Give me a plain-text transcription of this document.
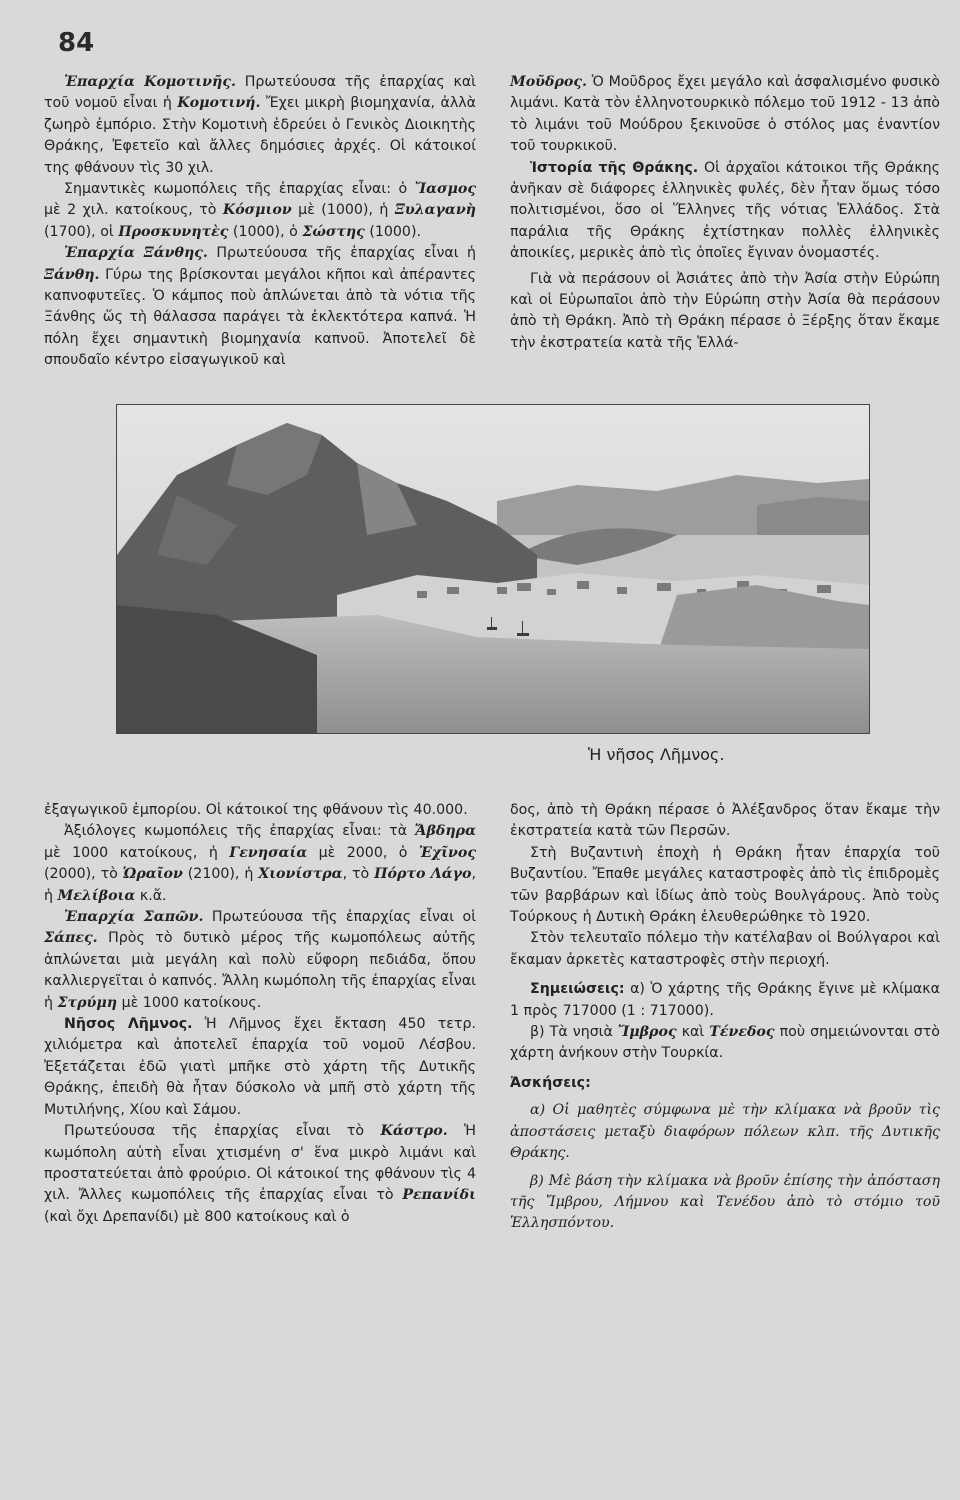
84

Ἐπαρχία Κομοτινῆς. Πρωτεύουσα τῆς ἐπαρχίας καὶ τοῦ νομοῦ εἶναι ἡ Κομοτινή. Ἔχει μικρὴ βιομηχανία, ἀλλὰ ζωηρὸ ἐμπόριο. Στὴν Κομοτινὴ ἑδρεύει ὁ Γενικὸς Διοικητὴς Θράκης, Ἐφετεῖο καὶ ἄλλες δημόσιες ἀρχές. Οἱ κάτοικοί της φθάνουν τὶς 30 χιλ.

Σημαντικὲς κωμοπόλεις τῆς ἐπαρχίας εἶναι: ὁ Ἴασμος μὲ 2 χιλ. κατοίκους, τὸ Κόσμιον μὲ (1000), ἡ Ξυλαγανὴ (1700), οἱ Προσκυνητὲς (1000), ὁ Σώστης (1000).

Ἐπαρχία Ξάνθης. Πρωτεύουσα τῆς ἐπαρχίας εἶναι ἡ Ξάνθη. Γύρω της βρίσκονται μεγάλοι κῆποι καὶ ἀπέραντες καπνοφυτεῖες. Ὁ κάμπος ποὺ ἁπλώνεται ἀπὸ τὰ νότια τῆς Ξάνθης ὥς τὴ θάλασσα παράγει τὰ ἐκλεκτότερα καπνά. Ἡ πόλη ἔχει σημαντικὴ βιομηχανία καπνοῦ. Ἀποτελεῖ δὲ σπουδαῖο κέντρο εἰσαγωγικοῦ καὶ

Μοῦδρος. Ὁ Μοῦδρος ἔχει μεγάλο καὶ ἀσφαλισμένο φυσικὸ λιμάνι. Κατὰ τὸν ἑλληνοτουρκικὸ πόλεμο τοῦ 1912 - 13 ἀπὸ τὸ λιμάνι τοῦ Μούδρου ξεκινοῦσε ὁ στόλος μας ἐναντίον τοῦ τουρκικοῦ.

Ἱστορία τῆς Θράκης. Οἱ ἀρχαῖοι κάτοικοι τῆς Θράκης ἀνῆκαν σὲ διάφορες ἑλληνικὲς φυλές, δὲν ἦταν ὅμως τόσο πολιτισμένοι, ὅσο οἱ Ἕλληνες τῆς νότιας Ἑλλάδος. Στὰ παράλια τῆς Θράκης ἐχτίστηκαν πολλὲς ἑλληνικὲς ἀποικίες, μερικὲς ἀπὸ τὶς ὁποῖες ἔγιναν ὀνομαστές.

Γιὰ νὰ περάσουν οἱ Ἀσιάτες ἀπὸ τὴν Ἀσία στὴν Εὐρώπη καὶ οἱ Εὐρωπαῖοι ἀπὸ τὴν Εὐρώπη στὴν Ἀσία θὰ περάσουν ἀπὸ τὴ Θράκη. Ἀπὸ τὴ Θράκη πέρασε ὁ Ξέρξης ὅταν ἔκαμε τὴν ἐκστρατεία κατὰ τῆς Ἑλλά-

Ἡ νῆσος Λῆμνος.

ἐξαγωγικοῦ ἐμπορίου. Οἱ κάτοικοί της φθάνουν τὶς 40.000.

Ἀξιόλογες κωμοπόλεις τῆς ἐπαρχίας εἶναι: τὰ Ἄβδηρα μὲ 1000 κατοίκους, ἡ Γενησαία μὲ 2000, ὁ Ἐχῖνος (2000), τὸ Ὡραῖον (2100), ἡ Χιονίστρα, τὸ Πόρτο Λάγο, ἡ Μελίβοια κ.ἄ.

Ἐπαρχία Σαπῶν. Πρωτεύουσα τῆς ἐπαρχίας εἶναι οἱ Σάπες. Πρὸς τὸ δυτικὸ μέρος τῆς κωμοπόλεως αὐτῆς ἁπλώνεται μιὰ μεγάλη καὶ πολὺ εὔφορη πεδιάδα, ὅπου καλλιεργεῖται ὁ καπνός. Ἄλλη κωμόπολη τῆς ἐπαρχίας εἶναι ἡ Στρύμη μὲ 1000 κατοίκους.

Νῆσος Λῆμνος. Ἡ Λῆμνος ἔχει ἔκταση 450 τετρ. χιλιόμετρα καὶ ἀποτελεῖ ἐπαρχία τοῦ νομοῦ Λέσβου. Ἐξετάζεται ἐδῶ γιατὶ μπῆκε στὸ χάρτη τῆς Δυτικῆς Θράκης, ἐπειδὴ θὰ ἦταν δύσκολο νὰ μπῆ στὸ χάρτη τῆς Μυτιλήνης, Χίου καὶ Σάμου.

Πρωτεύουσα τῆς ἐπαρχίας εἶναι τὸ Κάστρο. Ἡ κωμόπολη αὐτὴ εἶναι χτισμένη σ' ἕνα μικρὸ λιμάνι καὶ προστατεύεται ἀπὸ φρούριο. Οἱ κάτοικοί της φθάνουν τὶς 4 χιλ. Ἄλλες κωμοπόλεις τῆς ἐπαρχίας εἶναι τὸ Ρεπανίδι (καὶ ὄχι Δρεπανίδι) μὲ 800 κατοίκους καὶ ὁ

δος, ἀπὸ τὴ Θράκη πέρασε ὁ Ἀλέξανδρος ὅταν ἔκαμε τὴν ἐκστρατεία κατὰ τῶν Περσῶν.

Στὴ Βυζαντινὴ ἐποχὴ ἡ Θράκη ἦταν ἐπαρχία τοῦ Βυζαντίου. Ἔπαθε μεγάλες καταστροφὲς ἀπὸ τὶς ἐπιδρομὲς τῶν βαρβάρων καὶ ἰδίως ἀπὸ τοὺς Βουλγάρους. Ἀπὸ τοὺς Τούρκους ἡ Δυτικὴ Θράκη ἐλευθερώθηκε τὸ 1920.

Στὸν τελευταῖο πόλεμο τὴν κατέλαβαν οἱ Βούλγαροι καὶ ἔκαμαν ἀρκετὲς καταστροφὲς στὴν περιοχή.

Σημειώσεις: α) Ὁ χάρτης τῆς Θράκης ἔγινε μὲ κλίμακα 1 πρὸς 717000 (1 : 717000).

β) Τὰ νησιὰ Ἴμβρος καὶ Τένεδος ποὺ σημειώνονται στὸ χάρτη ἀνήκουν στὴν Τουρκία.

Ἀσκήσεις:

α) Οἱ μαθητὲς σύμφωνα μὲ τὴν κλίμακα νὰ βροῦν τὶς ἀποστάσεις μεταξὺ διαφόρων πόλεων κλπ. τῆς Δυτικῆς Θράκης.

β) Μὲ βάση τὴν κλίμακα νὰ βροῦν ἐπίσης τὴν ἀπόσταση τῆς Ἴμβρου, Λήμνου καὶ Τενέδου ἀπὸ τὸ στόμιο τοῦ Ἑλλησπόντου.
